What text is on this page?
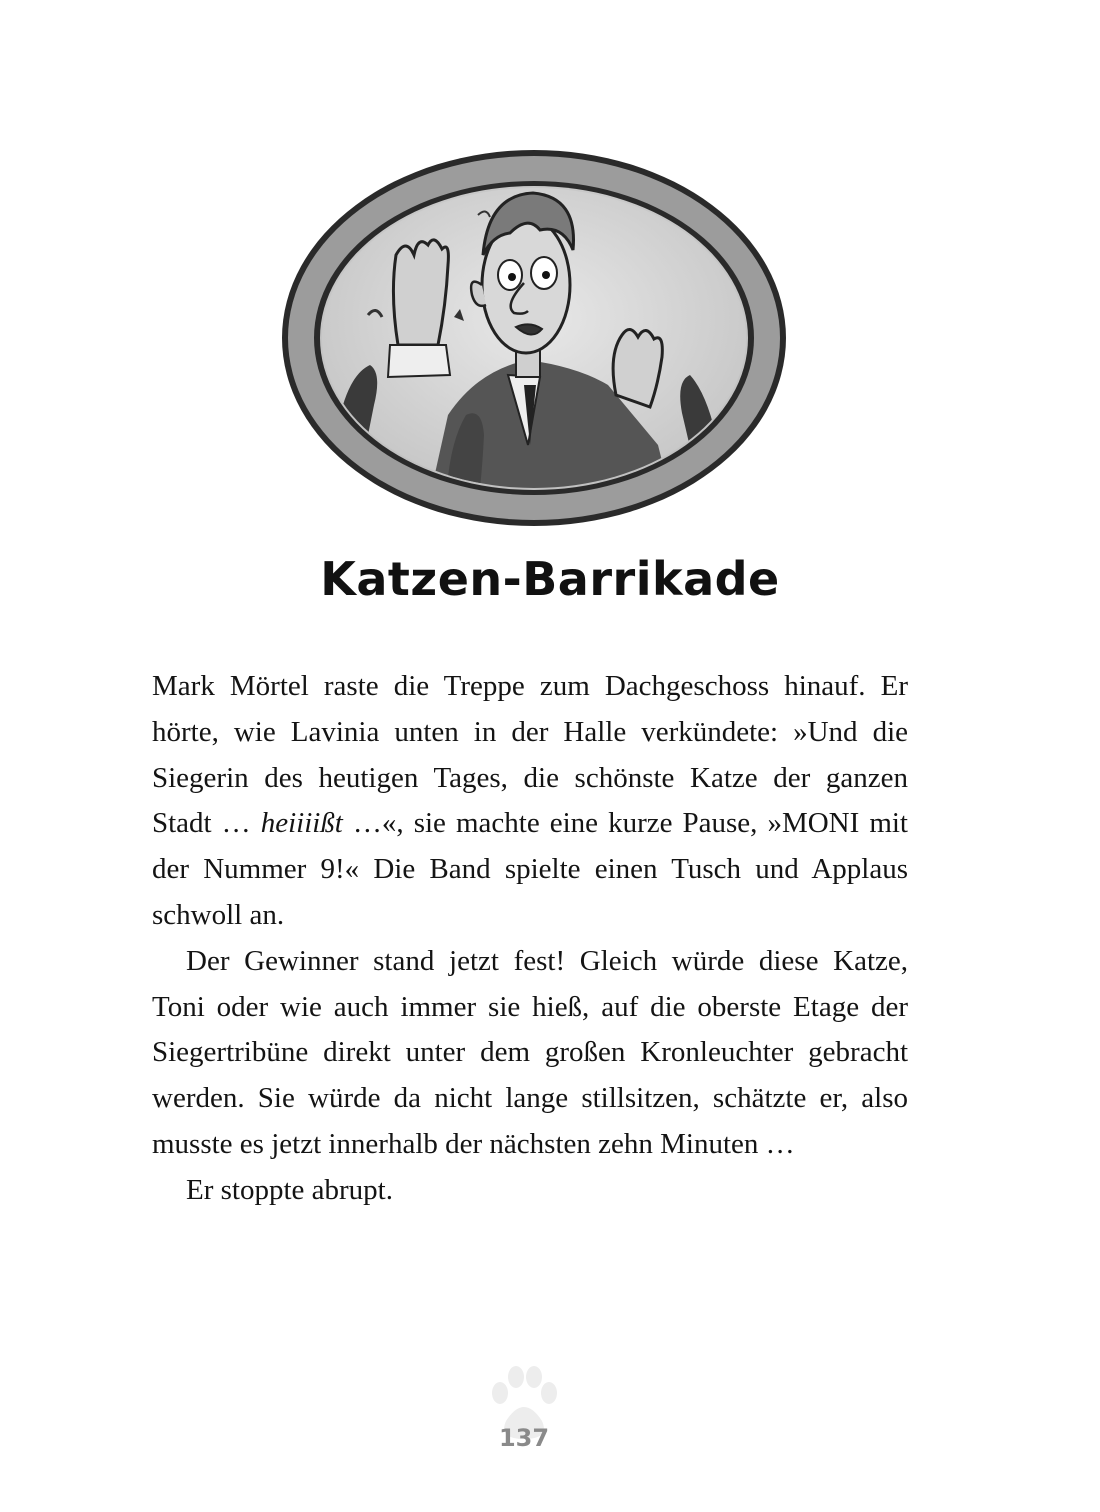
Katzen-Barrikade

Mark Mörtel raste die Treppe zum Dachgeschoss hinauf. Er hörte, wie Lavinia unten in der Halle verkündete: »Und die Siegerin des heutigen Tages, die schönste Katze der ganzen Stadt … heiiiißt …«, sie machte eine kurze Pause, »MONI mit der Nummer 9!« Die Band spielte einen Tusch und Applaus schwoll an.

Der Gewinner stand jetzt fest! Gleich würde diese Katze, Toni oder wie auch immer sie hieß, auf die oberste Etage der Siegertribüne direkt unter dem großen Kronleuchter gebracht werden. Sie würde da nicht lange stillsitzen, schätzte er, also musste es jetzt innerhalb der nächsten zehn Minuten …

Er stoppte abrupt.

137
